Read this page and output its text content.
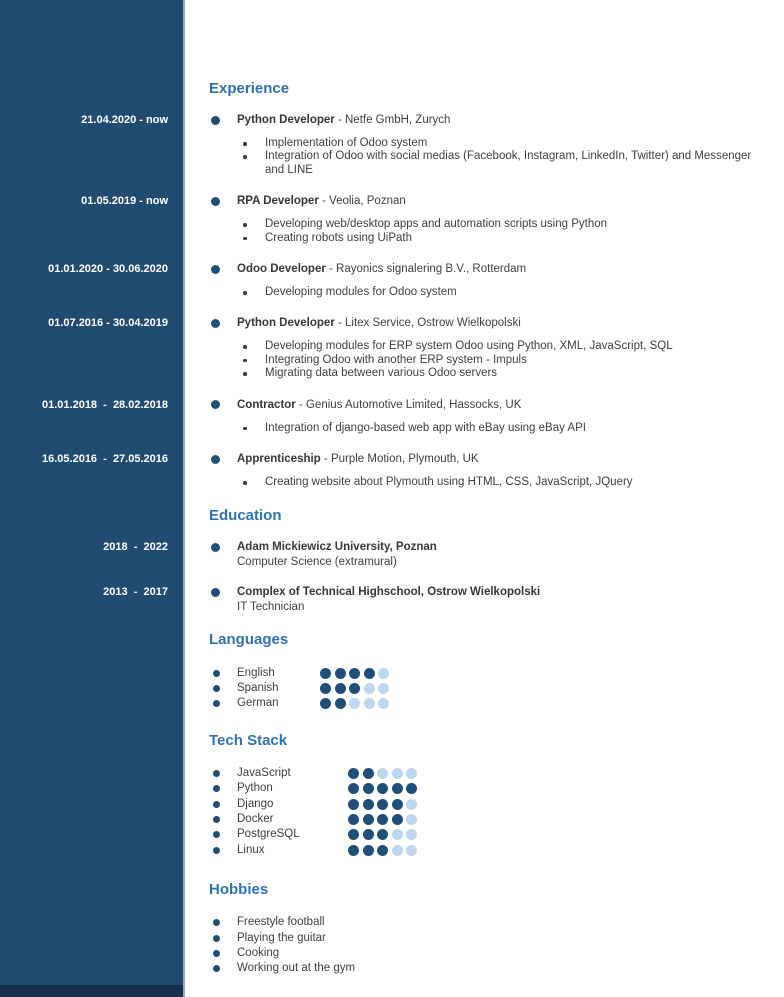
Experience
21.04.2020 - now	Python Developer - Netfe GmbH, Zurych
Implementation of Odoo system
Integration of Odoo with social medias (Facebook, Instagram, LinkedIn, Twitter) and Messenger and LINE
01.05.2019 - now	RPA Developer - Veolia, Poznan
Developing web/desktop apps and automation scripts using Python
Creating robots using UiPath
01.01.2020 - 30.06.2020	Odoo Developer - Rayonics signalering B.V., Rotterdam
Developing modules for Odoo system
01.07.2016 - 30.04.2019	Python Developer - Litex Service, Ostrow Wielkopolski
Developing modules for ERP system Odoo using Python, XML, JavaScript, SQL
Integrating Odoo with another ERP system - Impuls
Migrating data between various Odoo servers
01.01.2018  -  28.02.2018	Contractor - Genius Automotive Limited, Hassocks, UK
Integration of django-based web app with eBay using eBay API
16.05.2016  -  27.05.2016	Apprenticeship - Purple Motion, Plymouth, UK
Creating website about Plymouth using HTML, CSS, JavaScript, JQuery
Education
2018  -  2022	Adam Mickiewicz University, Poznan
Computer Science (extramural)
2013  -  2017	Complex of Technical Highschool, Ostrow Wielkopolski
IT Technician
Languages
English
Spanish
German
Tech Stack
JavaScript
Python
Django
Docker
PostgreSQL
Linux
Hobbies
Freestyle football
Playing the guitar
Cooking
Working out at the gym
